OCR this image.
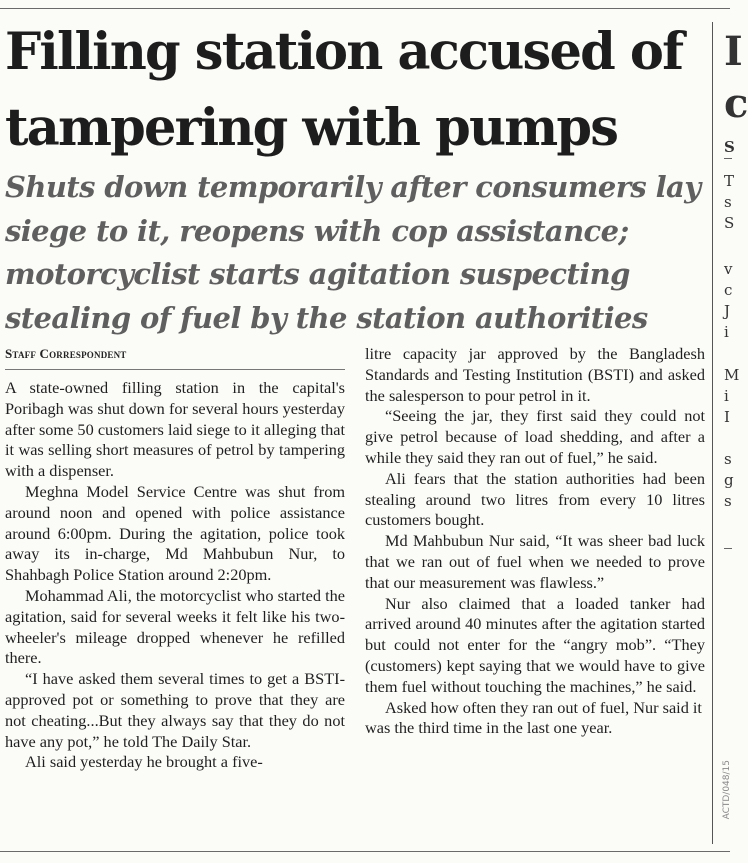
Filling station accused of tampering with pumps
Shuts down temporarily after consumers lay siege to it, reopens with cop assistance; motorcyclist starts agitation suspecting stealing of fuel by the station authorities
Staff Correspondent

A state-owned filling station in the capital's Poribagh was shut down for several hours yesterday after some 50 customers laid siege to it alleging that it was selling short measures of petrol by tampering with a dispenser.

Meghna Model Service Centre was shut from around noon and opened with police assistance around 6:00pm. During the agitation, police took away its in-charge, Md Mahbubun Nur, to Shahbagh Police Station around 2:20pm.

Mohammad Ali, the motorcyclist who started the agitation, said for several weeks it felt like his two-wheeler's mileage dropped whenever he refilled there.

“I have asked them several times to get a BSTI-approved pot or something to prove that they are not cheating...But they always say that they do not have any pot,” he told The Daily Star.

Ali said yesterday he brought a five-

litre capacity jar approved by the Bangladesh Standards and Testing Institution (BSTI) and asked the salesperson to pour petrol in it.

“Seeing the jar, they first said they could not give petrol because of load shedding, and after a while they said they ran out of fuel,” he said.

Ali fears that the station authorities had been stealing around two litres from every 10 litres customers bought.

Md Mahbubun Nur said, “It was sheer bad luck that we ran out of fuel when we needed to prove that our measurement was flawless.”

Nur also claimed that a loaded tanker had arrived around 40 minutes after the agitation started but could not enter for the “angry mob”. “They (customers) kept saying that we would have to give them fuel without touching the machines,” he said.

Asked how often they ran out of fuel, Nur said it was the third time in the last one year.

I
c
S
T
s
S
v
c
J
i
M
i
I
s
g
s
ACTD/048/15
